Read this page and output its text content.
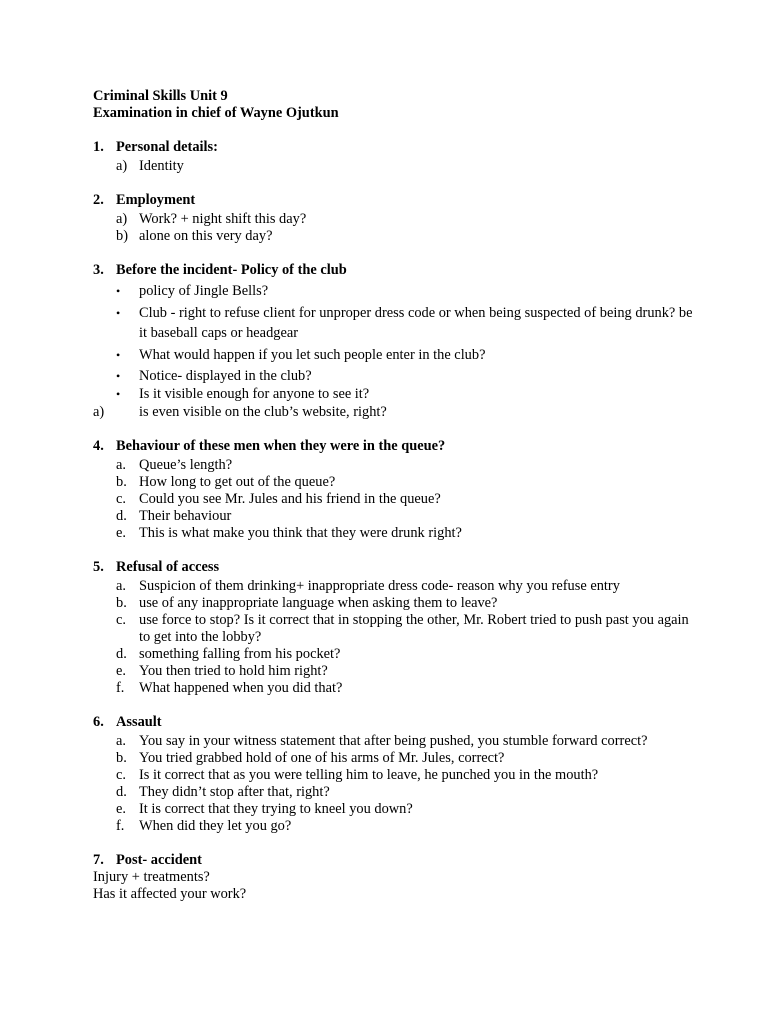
Criminal Skills Unit 9
Examination in chief of Wayne Ojutkun
1. Personal details:
a) Identity
2. Employment
a) Work? + night shift this day?
b) alone on this very day?
3. Before the incident- Policy of the club
• policy of Jingle Bells?
• Club - right to refuse client for unproper dress code or when being suspected of being drunk? be it baseball caps or headgear
• What would happen if you let such people enter in the club?
• Notice- displayed in the club?
• Is it visible enough for anyone to see it?
a) is even visible on the club’s website, right?
4. Behaviour of these men when they were in the queue?
a. Queue’s length?
b. How long to get out of the queue?
c. Could you see Mr. Jules and his friend in the queue?
d. Their behaviour
e. This is what make you think that they were drunk right?
5. Refusal of access
a. Suspicion of them drinking+ inappropriate dress code- reason why you refuse entry
b. use of any inappropriate language when asking them to leave?
c. use force to stop? Is it correct that in stopping the other, Mr. Robert tried to push past you again to get into the lobby?
d. something falling from his pocket?
e. You then tried to hold him right?
f. What happened when you did that?
6. Assault
a. You say in your witness statement that after being pushed, you stumble forward correct?
b. You tried grabbed hold of one of his arms of Mr. Jules, correct?
c. Is it correct that as you were telling him to leave, he punched you in the mouth?
d. They didn’t stop after that, right?
e. It is correct that they trying to kneel you down?
f. When did they let you go?
7. Post- accident
Injury + treatments?
Has it affected your work?
